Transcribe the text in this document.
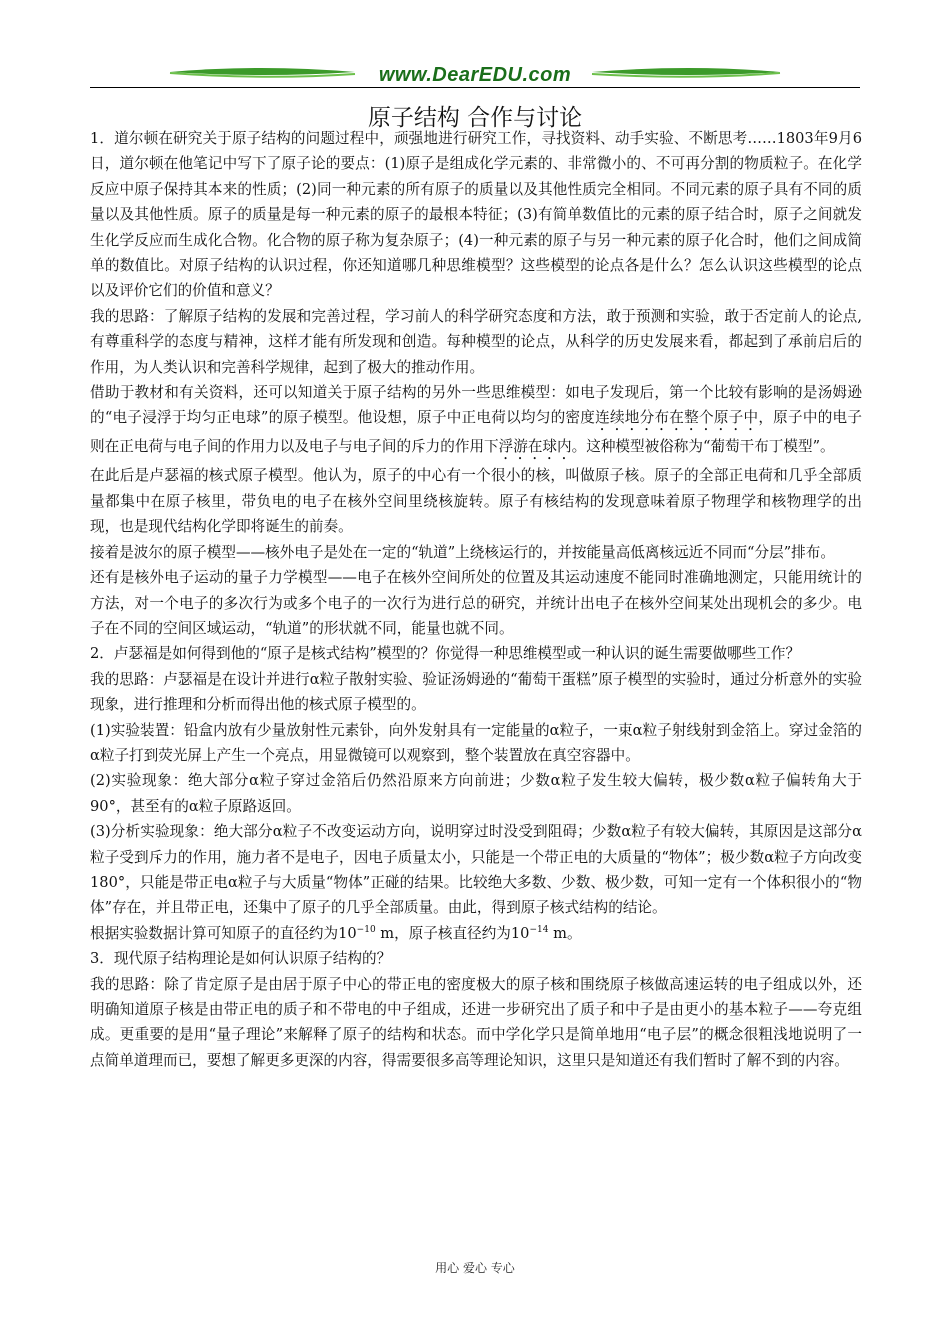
www.DearEDU.com
原子结构 合作与讨论

1．道尔顿在研究关于原子结构的问题过程中，顽强地进行研究工作，寻找资料、动手实验、不断思考……1803年9月6日，道尔顿在他笔记中写下了原子论的要点：(1)原子是组成化学元素的、非常微小的、不可再分割的物质粒子。在化学反应中原子保持其本来的性质；(2)同一种元素的所有原子的质量以及其他性质完全相同。不同元素的原子具有不同的质量以及其他性质。原子的质量是每一种元素的原子的最根本特征；(3)有简单数值比的元素的原子结合时，原子之间就发生化学反应而生成化合物。化合物的原子称为复杂原子；(4)一种元素的原子与另一种元素的原子化合时，他们之间成简单的数值比。对原子结构的认识过程，你还知道哪几种思维模型？这些模型的论点各是什么？怎么认识这些模型的论点以及评价它们的价值和意义？

我的思路：了解原子结构的发展和完善过程，学习前人的科学研究态度和方法，敢于预测和实验，敢于否定前人的论点,有尊重科学的态度与精神，这样才能有所发现和创造。每种模型的论点，从科学的历史发展来看，都起到了承前启后的作用，为人类认识和完善科学规律，起到了极大的推动作用。

借助于教材和有关资料，还可以知道关于原子结构的另外一些思维模型：如电子发现后，第一个比较有影响的是汤姆逊的“电子浸浮于均匀正电球”的原子模型。他设想，原子中正电荷以均匀的密度连续地分布在整个原子中，原子中的电子则在正电荷与电子间的作用力以及电子与电子间的斥力的作用下浮游在球内。这种模型被俗称为“葡萄干布丁模型”。

在此后是卢瑟福的核式原子模型。他认为，原子的中心有一个很小的核，叫做原子核。原子的全部正电荷和几乎全部质量都集中在原子核里，带负电的电子在核外空间里绕核旋转。原子有核结构的发现意味着原子物理学和核物理学的出现，也是现代结构化学即将诞生的前奏。

接着是波尔的原子模型——核外电子是处在一定的“轨道”上绕核运行的，并按能量高低离核远近不同而“分层”排布。

还有是核外电子运动的量子力学模型——电子在核外空间所处的位置及其运动速度不能同时准确地测定，只能用统计的方法，对一个电子的多次行为或多个电子的一次行为进行总的研究，并统计出电子在核外空间某处出现机会的多少。电子在不同的空间区域运动，“轨道”的形状就不同，能量也就不同。

2．卢瑟福是如何得到他的“原子是核式结构”模型的？你觉得一种思维模型或一种认识的诞生需要做哪些工作？

我的思路：卢瑟福是在设计并进行α粒子散射实验、验证汤姆逊的“葡萄干蛋糕”原子模型的实验时，通过分析意外的实验现象，进行推理和分析而得出他的核式原子模型的。

(1)实验装置：铅盒内放有少量放射性元素钋，向外发射具有一定能量的α粒子，一束α粒子射线射到金箔上。穿过金箔的α粒子打到荧光屏上产生一个亮点，用显微镜可以观察到，整个装置放在真空容器中。

(2)实验现象：绝大部分α粒子穿过金箔后仍然沿原来方向前进；少数α粒子发生较大偏转，极少数α粒子偏转角大于90°，甚至有的α粒子原路返回。

(3)分析实验现象：绝大部分α粒子不改变运动方向，说明穿过时没受到阻碍；少数α粒子有较大偏转，其原因是这部分α粒子受到斥力的作用，施力者不是电子，因电子质量太小，只能是一个带正电的大质量的“物体”；极少数α粒子方向改变180°，只能是带正电α粒子与大质量“物体”正碰的结果。比较绝大多数、少数、极少数，可知一定有一个体积很小的“物体”存在，并且带正电，还集中了原子的几乎全部质量。由此，得到原子核式结构的结论。

根据实验数据计算可知原子的直径约为$10^{-10}$ m，原子核直径约为$10^{-14}$ m。

3．现代原子结构理论是如何认识原子结构的？

我的思路：除了肯定原子是由居于原子中心的带正电的密度极大的原子核和围绕原子核做高速运转的电子组成以外，还明确知道原子核是由带正电的质子和不带电的中子组成，还进一步研究出了质子和中子是由更小的基本粒子——夸克组成。更重要的是用“量子理论”来解释了原子的结构和状态。而中学化学只是简单地用“电子层”的概念很粗浅地说明了一点简单道理而已，要想了解更多更深的内容，得需要很多高等理论知识，这里只是知道还有我们暂时了解不到的内容。

用心 爱心 专心
